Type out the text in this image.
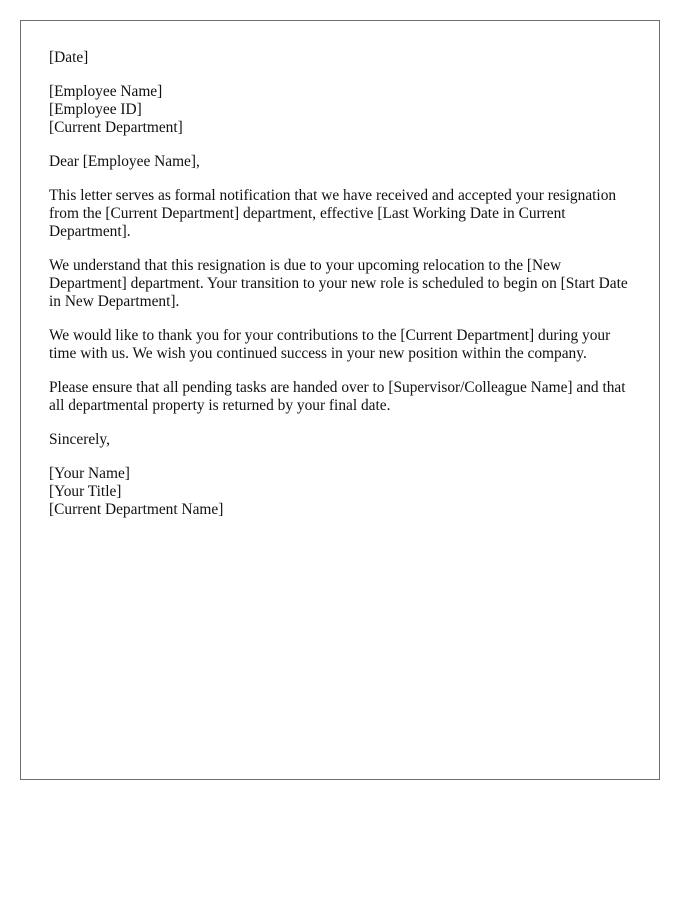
[Date]
[Employee Name]
[Employee ID]
[Current Department]
Dear [Employee Name],

This letter serves as formal notification that we have received and accepted your resignation from the [Current Department] department, effective [Last Working Date in Current Department].

We understand that this resignation is due to your upcoming relocation to the [New Department] department. Your transition to your new role is scheduled to begin on [Start Date in New Department].

We would like to thank you for your contributions to the [Current Department] during your time with us. We wish you continued success in your new position within the company.

Please ensure that all pending tasks are handed over to [Supervisor/Colleague Name] and that all departmental property is returned by your final date.

Sincerely,
[Your Name]
[Your Title]
[Current Department Name]
